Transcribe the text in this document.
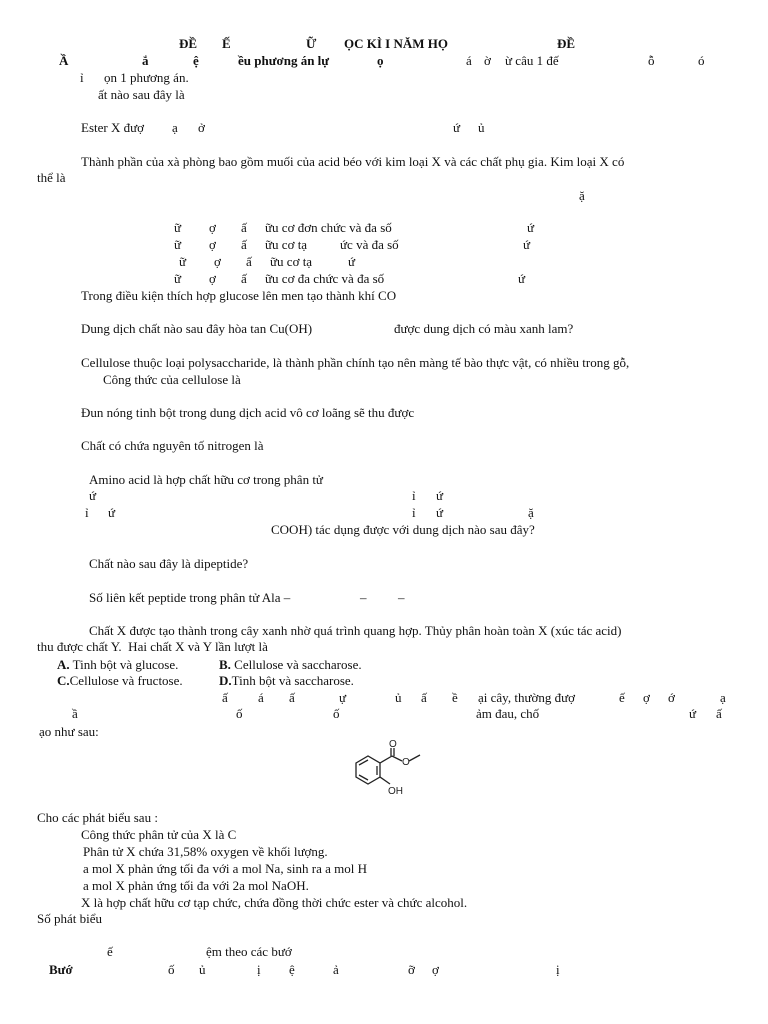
ĐỀ Ế	Ữ ỌC KÌ I NĂM HỌ	ĐỀ
Ầ	ắ	ệ	ều phương án lự	ọ	á ờ ừ câu 1 đế	ỗ	ó
ỉ ọn 1 phương án.
ất nào sau đây là
Ester X đượ ạ ở	ứ ủ
Thành phần của xà phòng bao gồm muối của acid béo với kim loại X và các chất phụ gia. Kim loại X có
thể là
ặ
ữ ợ ấ ữu cơ đơn chức và đa số	ứ
ữ ợ ấ ữu cơ tạ	ức và đa số	ứ
ữ ợ ấ ữu cơ tạ	ứ
ữ ợ ấ ữu cơ đa chức và đa số	ứ
Trong điều kiện thích hợp glucose lên men tạo thành khí CO
Dung dịch chất nào sau đây hòa tan Cu(OH)	được dung dịch có màu xanh lam?
Cellulose thuộc loại polysaccharide, là thành phần chính tạo nên màng tế bào thực vật, có nhiều trong gỗ,
Công thức của cellulose là
Đun nóng tinh bột trong dung dịch acid vô cơ loãng sẽ thu được
Chất có chứa nguyên tố nitrogen là
Amino acid là hợp chất hữu cơ trong phân tử
ứ	ỉ ứ
ỉ ứ	ỉ ứ	ặ
COOH) tác dụng được với dung dịch nào sau đây?
Chất nào sau đây là dipeptide?
Số liên kết peptide trong phân tử Ala –	– –
Chất X được tạo thành trong cây xanh nhờ quá trình quang hợp. Thủy phân hoàn toàn X (xúc tác acid)
thu được chất Y.  Hai chất X và Y lần lượt là
A. Tinh bột và glucose.	B. Cellulose và saccharose.
C.Cellulose và fructose.	D.Tinh bột và saccharose.
ấ á ấ	ự	ủ ấ ề ại cây, thường đượ	ế ợ ớ	ạ
ầ	ố	ố	ảm đau, chố	ứ ấ
ạo như sau:
O
O
OH
Cho các phát biểu sau :
Công thức phân tử của X là C
Phân tử X chứa 31,58% oxygen về khối lượng.
a mol X phản ứng tối đa với a mol Na, sinh ra a mol H
a mol X phản ứng tối đa với 2a mol NaOH.
X là hợp chất hữu cơ tạp chức, chứa đồng thời chức ester và chức alcohol.
Số phát biểu
ế	ệm theo các bướ
Bướ	ố ủ	ị ệ	ả	ỡ ợ	ị
